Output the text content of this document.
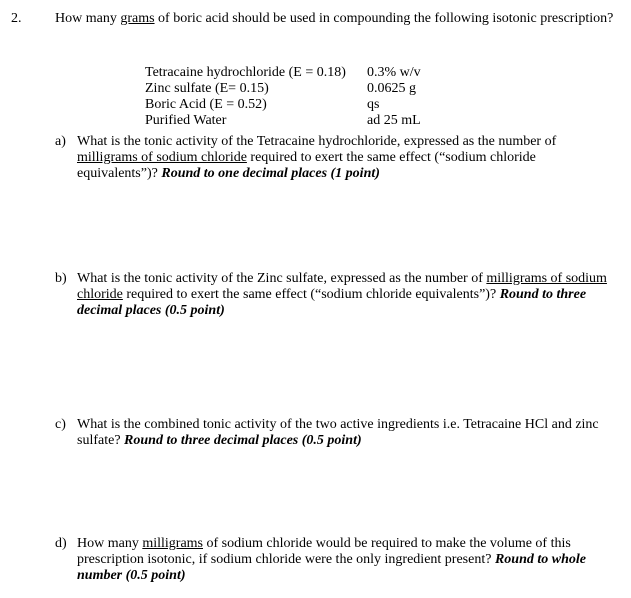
2. How many grams of boric acid should be used in compounding the following isotonic prescription?
Tetracaine hydrochloride (E = 0.18)	0.3% w/v
Zinc sulfate (E= 0.15)	0.0625 g
Boric Acid (E = 0.52)	qs
Purified Water	ad 25 mL
a) What is the tonic activity of the Tetracaine hydrochloride, expressed as the number of milligrams of sodium chloride required to exert the same effect (“sodium chloride equivalents”)? Round to one decimal places (1 point)
b) What is the tonic activity of the Zinc sulfate, expressed as the number of milligrams of sodium chloride required to exert the same effect (“sodium chloride equivalents”)? Round to three decimal places (0.5 point)
c) What is the combined tonic activity of the two active ingredients i.e. Tetracaine HCl and zinc sulfate? Round to three decimal places (0.5 point)
d) How many milligrams of sodium chloride would be required to make the volume of this prescription isotonic, if sodium chloride were the only ingredient present? Round to whole number (0.5 point)
